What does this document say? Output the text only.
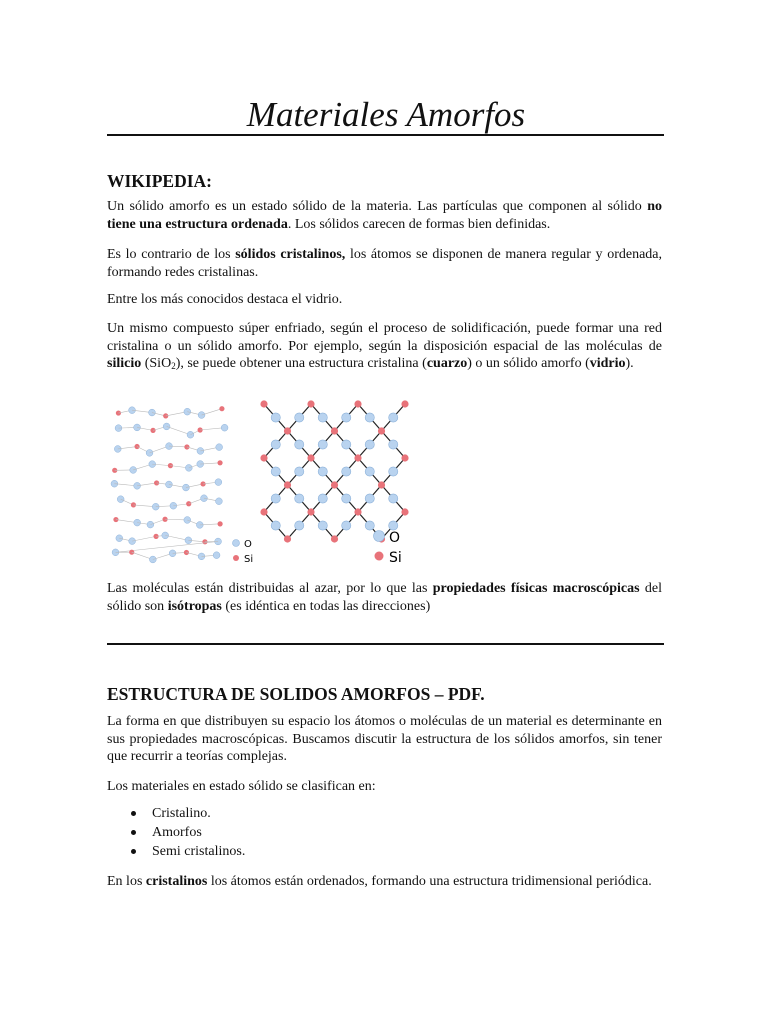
Materiales Amorfos
WIKIPEDIA:

Un sólido amorfo es un estado sólido de la materia. Las partículas que componen al sólido no tiene una estructura ordenada. Los sólidos carecen de formas bien definidas.

Es lo contrario de los sólidos cristalinos, los átomos se disponen de manera regular y ordenada, formando redes cristalinas.

Entre los más conocidos destaca el vidrio.

Un mismo compuesto súper enfriado, según el proceso de solidificación, puede formar una red cristalina o un sólido amorfo. Por ejemplo, según la disposición espacial de las moléculas de silicio (SiO$_2$), se puede obtener una estructura cristalina (cuarzo) o un sólido amorfo (vidrio).

O
Si
O
Si

Las moléculas están distribuidas al azar, por lo que las propiedades físicas macroscópicas del sólido son isótropas (es idéntica en todas las direcciones)

ESTRUCTURA DE SOLIDOS AMORFOS – PDF.

La forma en que distribuyen su espacio los átomos o moléculas de un material es determinante en sus propiedades macroscópicas. Buscamos discutir la estructura de los sólidos amorfos, sin tener que recurrir a teorías complejas.

Los materiales en estado sólido se clasifican en:

Cristalino.
Amorfos
Semi cristalinos.

En los cristalinos los átomos están ordenados, formando una estructura tridimensional periódica.
